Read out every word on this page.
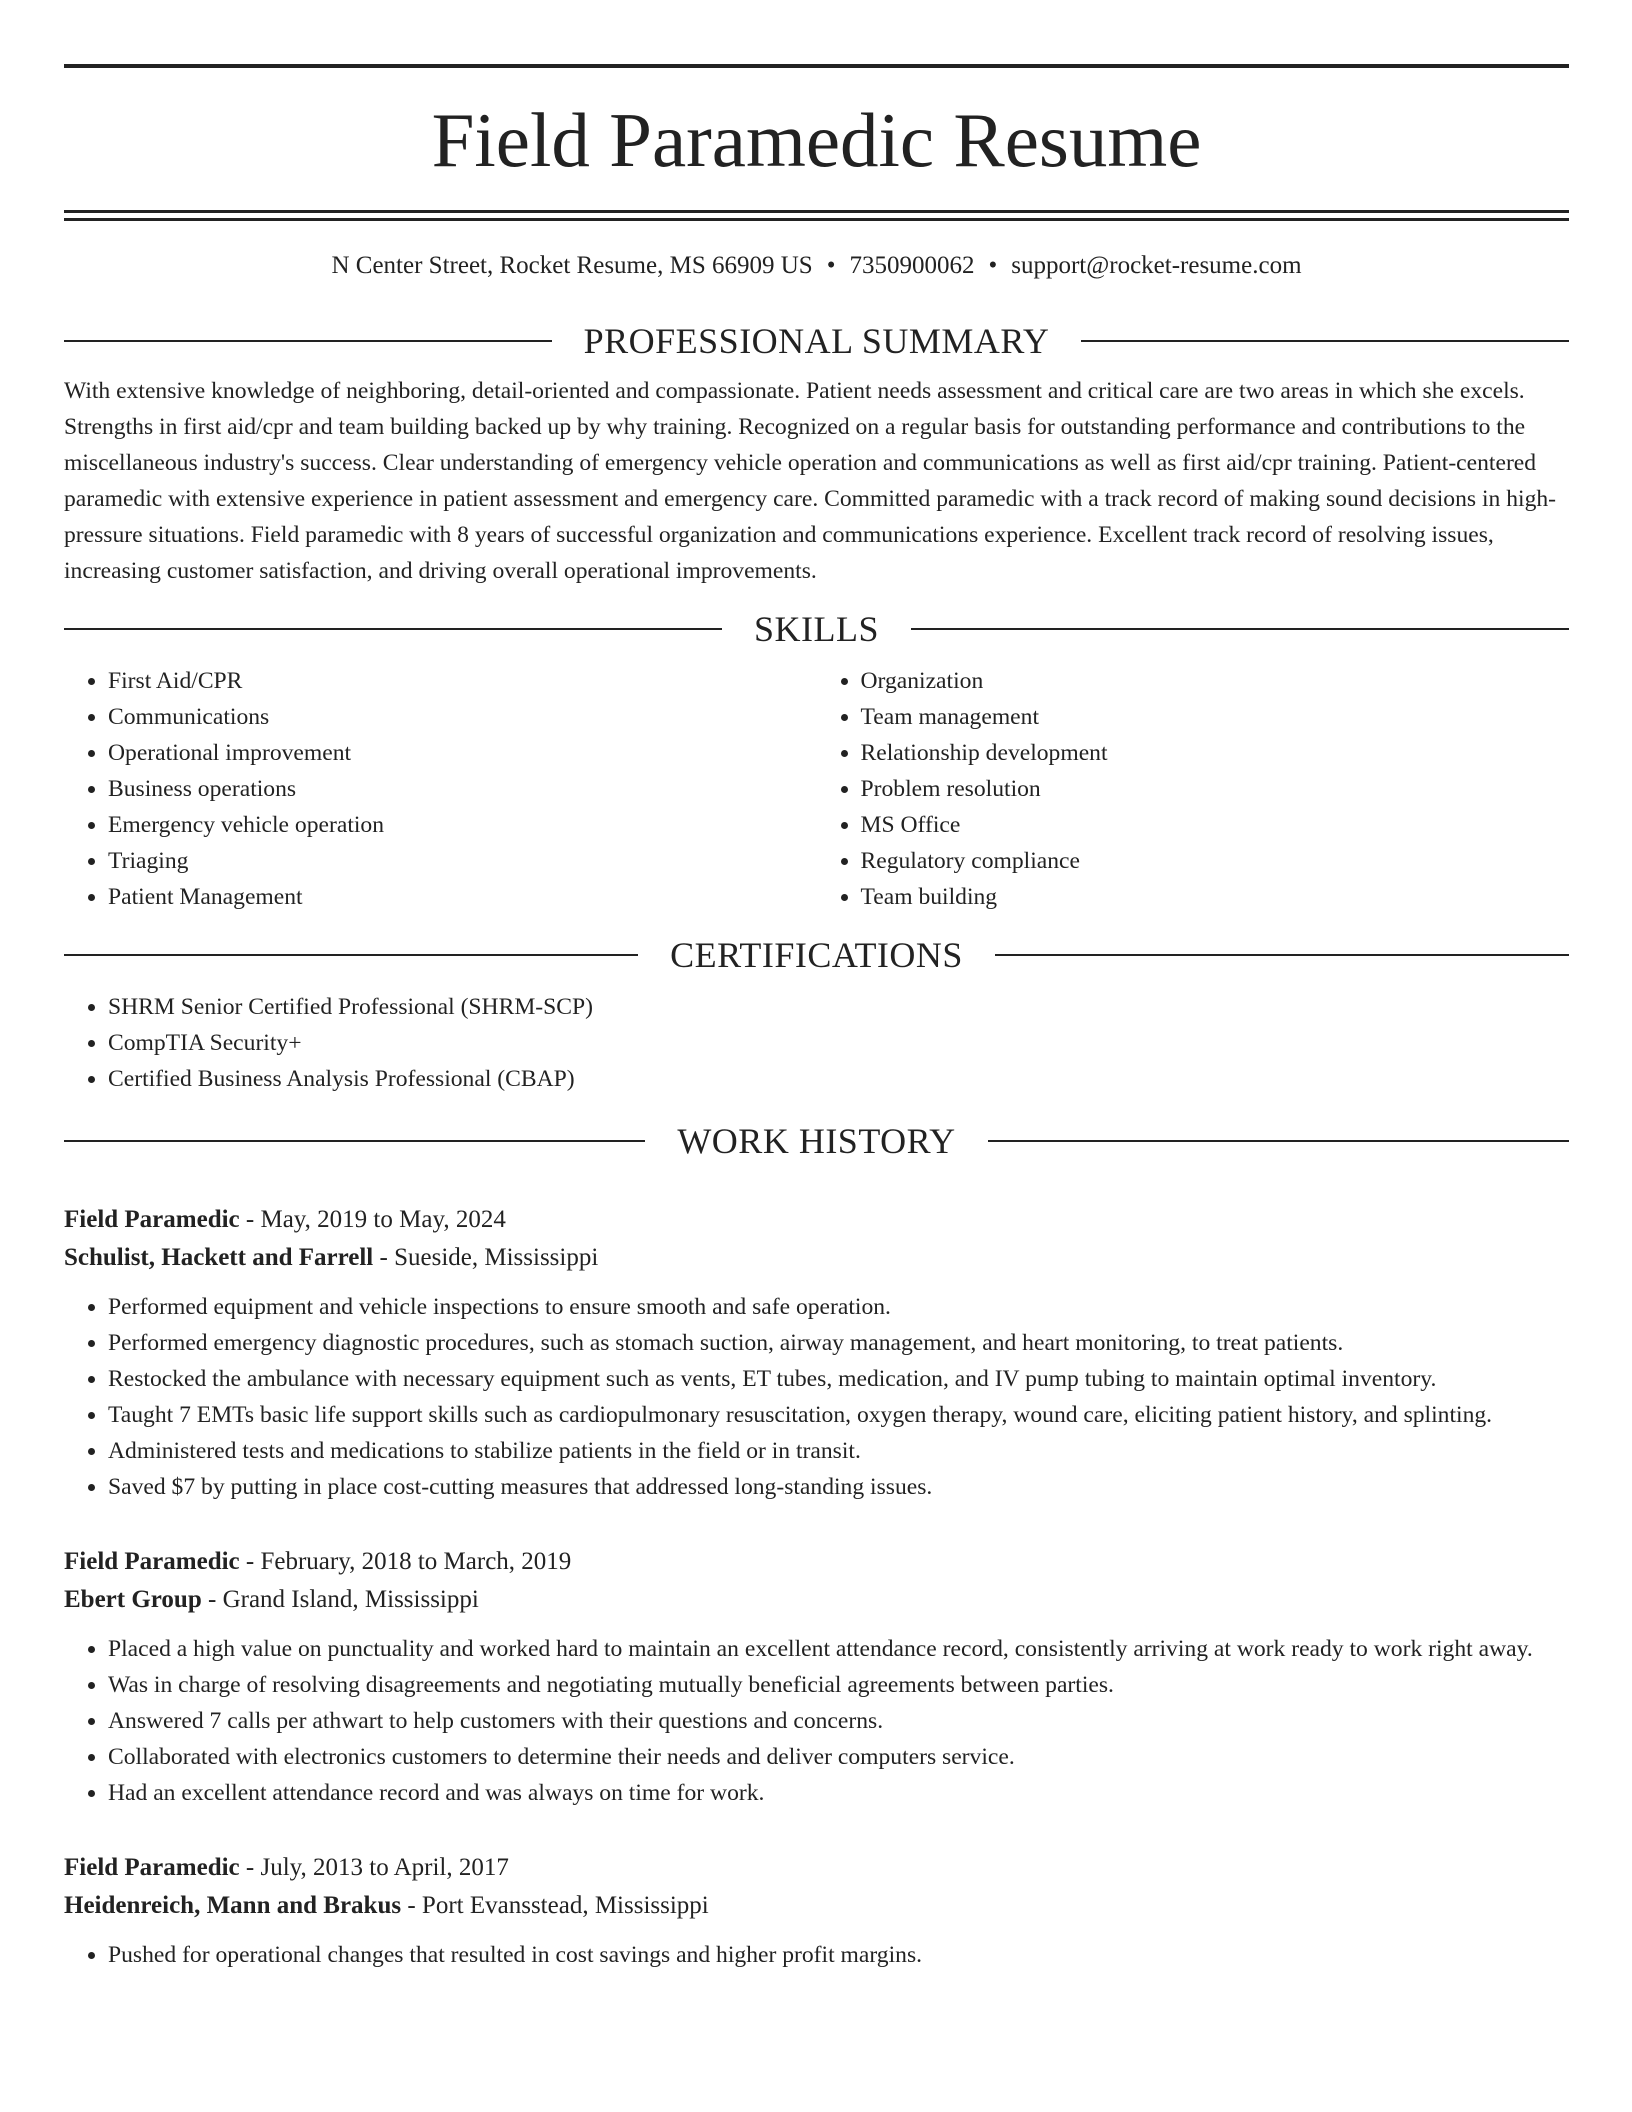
Field Paramedic Resume
N Center Street, Rocket Resume, MS 66909 US • 7350900062 • support@rocket-resume.com
PROFESSIONAL SUMMARY
With extensive knowledge of neighboring, detail-oriented and compassionate. Patient needs assessment and critical care are two areas in which she excels. Strengths in first aid/cpr and team building backed up by why training. Recognized on a regular basis for outstanding performance and contributions to the miscellaneous industry's success. Clear understanding of emergency vehicle operation and communications as well as first aid/cpr training. Patient-centered paramedic with extensive experience in patient assessment and emergency care. Committed paramedic with a track record of making sound decisions in high-pressure situations. Field paramedic with 8 years of successful organization and communications experience. Excellent track record of resolving issues, increasing customer satisfaction, and driving overall operational improvements.
SKILLS
• First Aid/CPR
• Communications
• Operational improvement
• Business operations
• Emergency vehicle operation
• Triaging
• Patient Management
• Organization
• Team management
• Relationship development
• Problem resolution
• MS Office
• Regulatory compliance
• Team building
CERTIFICATIONS
• SHRM Senior Certified Professional (SHRM-SCP)
• CompTIA Security+
• Certified Business Analysis Professional (CBAP)
WORK HISTORY
Field Paramedic - May, 2019 to May, 2024
Schulist, Hackett and Farrell - Sueside, Mississippi
• Performed equipment and vehicle inspections to ensure smooth and safe operation.
• Performed emergency diagnostic procedures, such as stomach suction, airway management, and heart monitoring, to treat patients.
• Restocked the ambulance with necessary equipment such as vents, ET tubes, medication, and IV pump tubing to maintain optimal inventory.
• Taught 7 EMTs basic life support skills such as cardiopulmonary resuscitation, oxygen therapy, wound care, eliciting patient history, and splinting.
• Administered tests and medications to stabilize patients in the field or in transit.
• Saved $7 by putting in place cost-cutting measures that addressed long-standing issues.
Field Paramedic - February, 2018 to March, 2019
Ebert Group - Grand Island, Mississippi
• Placed a high value on punctuality and worked hard to maintain an excellent attendance record, consistently arriving at work ready to work right away.
• Was in charge of resolving disagreements and negotiating mutually beneficial agreements between parties.
• Answered 7 calls per athwart to help customers with their questions and concerns.
• Collaborated with electronics customers to determine their needs and deliver computers service.
• Had an excellent attendance record and was always on time for work.
Field Paramedic - July, 2013 to April, 2017
Heidenreich, Mann and Brakus - Port Evansstead, Mississippi
• Pushed for operational changes that resulted in cost savings and higher profit margins.
